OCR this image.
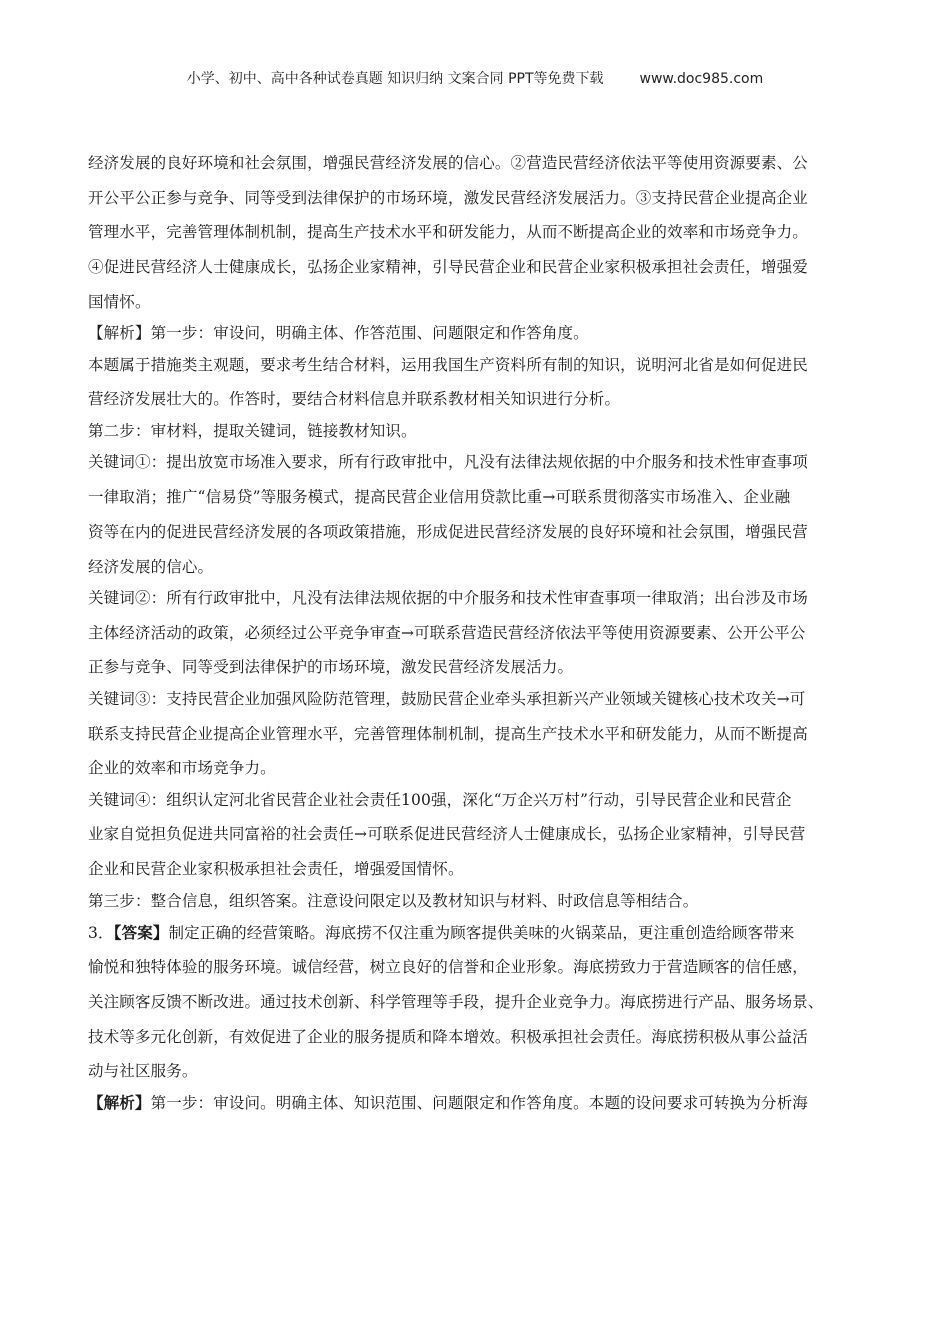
小学、初中、高中各种试卷真题 知识归纳 文案合同 PPT等免费下载	www.doc985.com
经济发展的良好环境和社会氛围，增强民营经济发展的信心。②营造民营经济依法平等使用资源要素、公
开公平公正参与竞争、同等受到法律保护的市场环境，激发民营经济发展活力。③支持民营企业提高企业
管理水平，完善管理体制机制，提高生产技术水平和研发能力，从而不断提高企业的效率和市场竞争力。
④促进民营经济人士健康成长，弘扬企业家精神，引导民营企业和民营企业家积极承担社会责任，增强爱
国情怀。
【解析】第一步：审设问，明确主体、作答范围、问题限定和作答角度。
本题属于措施类主观题，要求考生结合材料，运用我国生产资料所有制的知识，说明河北省是如何促进民
营经济发展壮大的。作答时，要结合材料信息并联系教材相关知识进行分析。
第二步：审材料，提取关键词，链接教材知识。
关键词①：提出放宽市场准入要求，所有行政审批中，凡没有法律法规依据的中介服务和技术性审查事项
一律取消；推广“信易贷”等服务模式，提高民营企业信用贷款比重→可联系贯彻落实市场准入、企业融
资等在内的促进民营经济发展的各项政策措施，形成促进民营经济发展的良好环境和社会氛围，增强民营
经济发展的信心。
关键词②：所有行政审批中，凡没有法律法规依据的中介服务和技术性审查事项一律取消；出台涉及市场
主体经济活动的政策，必须经过公平竞争审查→可联系营造民营经济依法平等使用资源要素、公开公平公
正参与竞争、同等受到法律保护的市场环境，激发民营经济发展活力。
关键词③：支持民营企业加强风险防范管理，鼓励民营企业牵头承担新兴产业领域关键核心技术攻关→可
联系支持民营企业提高企业管理水平，完善管理体制机制，提高生产技术水平和研发能力，从而不断提高
企业的效率和市场竞争力。
关键词④：组织认定河北省民营企业社会责任100强，深化“万企兴万村”行动，引导民营企业和民营企
业家自觉担负促进共同富裕的社会责任→可联系促进民营经济人士健康成长，弘扬企业家精神，引导民营
企业和民营企业家积极承担社会责任，增强爱国情怀。
第三步：整合信息，组织答案。注意设问限定以及教材知识与材料、时政信息等相结合。
3．【答案】制定正确的经营策略。海底捞不仅注重为顾客提供美味的火锅菜品，更注重创造给顾客带来
愉悦和独特体验的服务环境。诚信经营，树立良好的信誉和企业形象。海底捞致力于营造顾客的信任感，
关注顾客反馈不断改进。通过技术创新、科学管理等手段，提升企业竞争力。海底捞进行产品、服务场景、
技术等多元化创新，有效促进了企业的服务提质和降本增效。积极承担社会责任。海底捞积极从事公益活
动与社区服务。
【解析】第一步：审设问。明确主体、知识范围、问题限定和作答角度。本题的设问要求可转换为分析海
